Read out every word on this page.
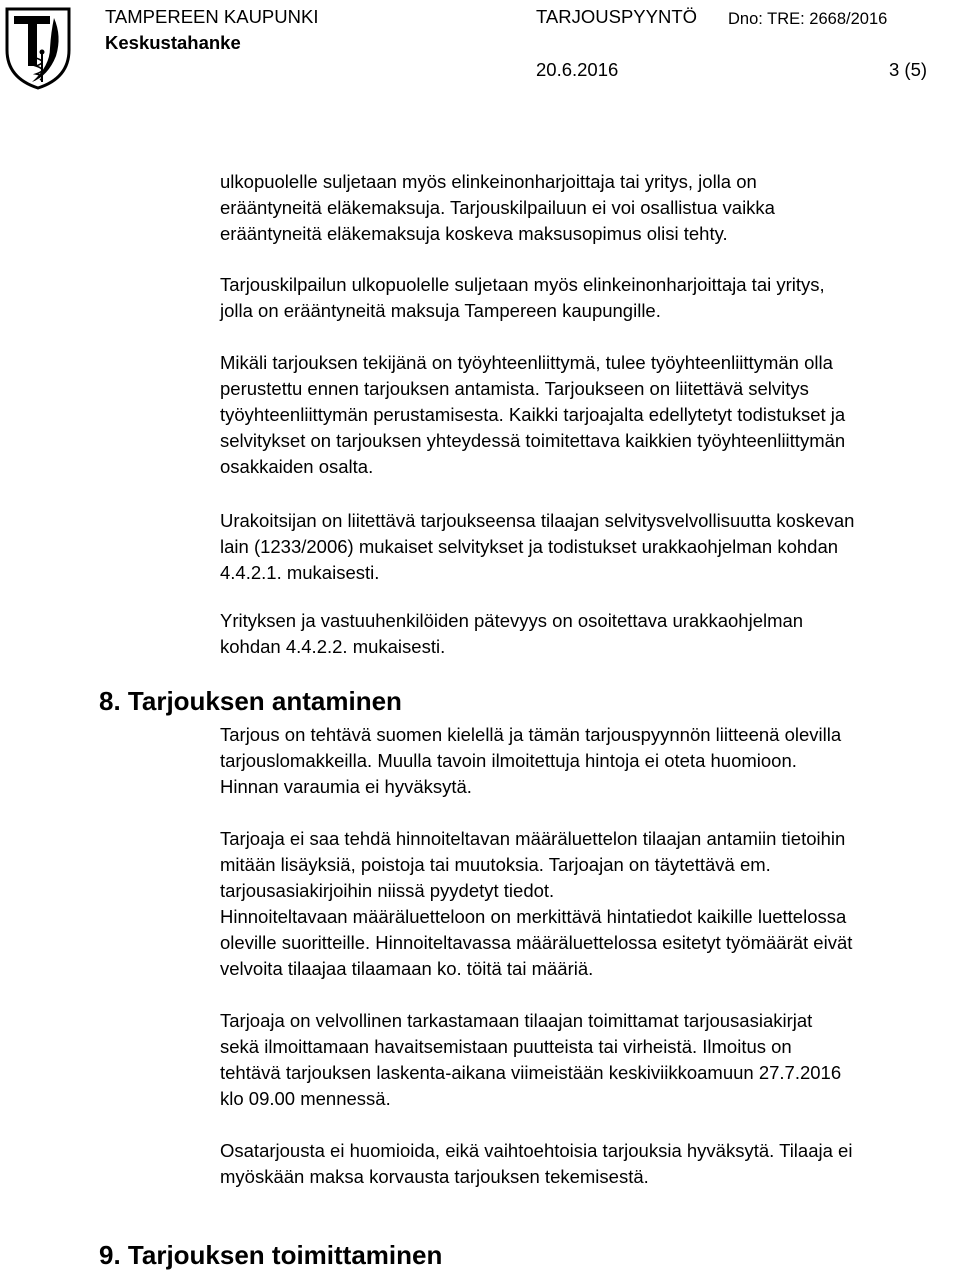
TAMPEREEN KAUPUNKI
Keskustahanke
TARJOUSPYYNTÖ Dno: TRE: 2668/2016
20.6.2016	3 (5)

ulkopuolelle suljetaan myös elinkeinonharjoittaja tai yritys, jolla on

erääntyneitä eläkemaksuja. Tarjouskilpailuun ei voi osallistua vaikka

erääntyneitä eläkemaksuja koskeva maksusopimus olisi tehty.

Tarjouskilpailun ulkopuolelle suljetaan myös elinkeinonharjoittaja tai yritys,

jolla on erääntyneitä maksuja Tampereen kaupungille.

Mikäli tarjouksen tekijänä on työyhteenliittymä, tulee työyhteenliittymän olla

perustettu ennen tarjouksen antamista. Tarjoukseen on liitettävä selvitys

työyhteenliittymän perustamisesta. Kaikki tarjoajalta edellytetyt todistukset ja

selvitykset on tarjouksen yhteydessä toimitettava kaikkien työyhteenliittymän

osakkaiden osalta.

Urakoitsijan on liitettävä tarjoukseensa tilaajan selvitysvelvollisuutta koskevan

lain (1233/2006) mukaiset selvitykset ja todistukset urakkaohjelman kohdan

4.4.2.1. mukaisesti.

Yrityksen ja vastuuhenkilöiden pätevyys on osoitettava urakkaohjelman

kohdan 4.4.2.2. mukaisesti.

8. Tarjouksen antaminen

Tarjous on tehtävä suomen kielellä ja tämän tarjouspyynnön liitteenä olevilla

tarjouslomakkeilla. Muulla tavoin ilmoitettuja hintoja ei oteta huomioon.

Hinnan varaumia ei hyväksytä.

Tarjoaja ei saa tehdä hinnoiteltavan määräluettelon tilaajan antamiin tietoihin

mitään lisäyksiä, poistoja tai muutoksia. Tarjoajan on täytettävä em.

tarjousasiakirjoihin niissä pyydetyt tiedot.

Hinnoiteltavaan määräluetteloon on merkittävä hintatiedot kaikille luettelossa

oleville suoritteille. Hinnoiteltavassa määräluettelossa esitetyt työmäärät eivät

velvoita tilaajaa tilaamaan ko. töitä tai määriä.

Tarjoaja on velvollinen tarkastamaan tilaajan toimittamat tarjousasiakirjat

sekä ilmoittamaan havaitsemistaan puutteista tai virheistä. Ilmoitus on

tehtävä tarjouksen laskenta-aikana viimeistään keskiviikkoamuun 27.7.2016

klo 09.00 mennessä.

Osatarjousta ei huomioida, eikä vaihtoehtoisia tarjouksia hyväksytä. Tilaaja ei

myöskään maksa korvausta tarjouksen tekemisestä.

9. Tarjouksen toimittaminen
